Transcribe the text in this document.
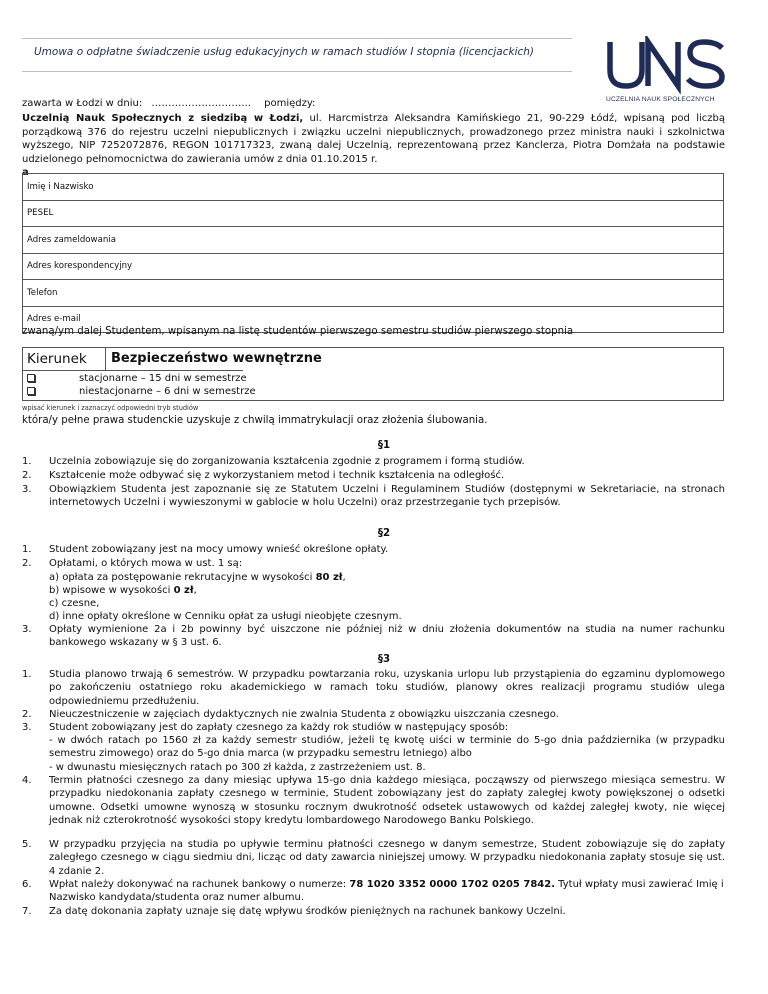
Umowa o odpłatne świadczenie usług edukacyjnych w ramach studiów I stopnia (licencjackich)
UCZELNIA NAUK SPOŁECZNYCH
zawarta w Łodzi w dniu: ………………………... pomiędzy:
Uczelnią Nauk Społecznych z siedzibą w Łodzi, ul. Harcmistrza Aleksandra Kamińskiego 21, 90-229 Łódź, wpisaną pod liczbą porządkową 376 do rejestru uczelni niepublicznych i związku uczelni niepublicznych, prowadzonego przez ministra nauki i szkolnictwa wyższego, NIP 7252072876, REGON 101717323, zwaną dalej Uczelnią, reprezentowaną przez Kanclerza, Piotra Domżała na podstawie udzielonego pełnomocnictwa do zawierania umów z dnia 01.10.2015 r.
a
Imię i Nazwisko
PESEL
Adres zameldowania
Adres korespondencyjny
Telefon
Adres e-mail
zwaną/ym dalej Studentem, wpisanym na listę studentów pierwszego semestru studiów pierwszego stopnia
Kierunek Bezpieczeństwo wewnętrzne
stacjonarne – 15 dni w semestrze
niestacjonarne – 6 dni w semestrze
wpisać kierunek i zaznaczyć odpowiedni tryb studiów
która/y pełne prawa studenckie uzyskuje z chwilą immatrykulacji oraz złożenia ślubowania.
§1
1. Uczelnia zobowiązuje się do zorganizowania kształcenia zgodnie z programem i formą studiów.
2. Kształcenie może odbywać się z wykorzystaniem metod i technik kształcenia na odległość.
3. Obowiązkiem Studenta jest zapoznanie się ze Statutem Uczelni i Regulaminem Studiów (dostępnymi w Sekretariacie, na stronach internetowych Uczelni i wywieszonymi w gablocie w holu Uczelni) oraz przestrzeganie tych przepisów.
§2
1. Student zobowiązany jest na mocy umowy wnieść określone opłaty.
2. Opłatami, o których mowa w ust. 1 są:
a) opłata za postępowanie rekrutacyjne w wysokości 80 zł,
b) wpisowe w wysokości 0 zł,
c) czesne,
d) inne opłaty określone w Cenniku opłat za usługi nieobjęte czesnym.
3. Opłaty wymienione 2a i 2b powinny być uiszczone nie później niż w dniu złożenia dokumentów na studia na numer rachunku bankowego wskazany w § 3 ust. 6.
§3
1. Studia planowo trwają 6 semestrów. W przypadku powtarzania roku, uzyskania urlopu lub przystąpienia do egzaminu dyplomowego po zakończeniu ostatniego roku akademickiego w ramach toku studiów, planowy okres realizacji programu studiów ulega odpowiedniemu przedłużeniu.
2. Nieuczestniczenie w zajęciach dydaktycznych nie zwalnia Studenta z obowiązku uiszczania czesnego.
3. Student zobowiązany jest do zapłaty czesnego za każdy rok studiów w następujący sposób:
- w dwóch ratach po 1560 zł za każdy semestr studiów, jeżeli tę kwotę uiści w terminie do 5-go dnia października (w przypadku semestru zimowego) oraz do 5-go dnia marca (w przypadku semestru letniego) albo
- w dwunastu miesięcznych ratach po 300 zł każda, z zastrzeżeniem ust. 8.
4. Termin płatności czesnego za dany miesiąc upływa 15-go dnia każdego miesiąca, począwszy od pierwszego miesiąca semestru. W przypadku niedokonania zapłaty czesnego w terminie, Student zobowiązany jest do zapłaty zaległej kwoty powiększonej o odsetki umowne. Odsetki umowne wynoszą w stosunku rocznym dwukrotność odsetek ustawowych od każdej zaległej kwoty, nie więcej jednak niż czterokrotność wysokości stopy kredytu lombardowego Narodowego Banku Polskiego.
5. W przypadku przyjęcia na studia po upływie terminu płatności czesnego w danym semestrze, Student zobowiązuje się do zapłaty zaległego czesnego w ciągu siedmiu dni, licząc od daty zawarcia niniejszej umowy. W przypadku niedokonania zapłaty stosuje się ust. 4 zdanie 2.
6. Wpłat należy dokonywać na rachunek bankowy o numerze: 78 1020 3352 0000 1702 0205 7842. Tytuł wpłaty musi zawierać Imię i Nazwisko kandydata/studenta oraz numer albumu.
7. Za datę dokonania zapłaty uznaje się datę wpływu środków pieniężnych na rachunek bankowy Uczelni.
